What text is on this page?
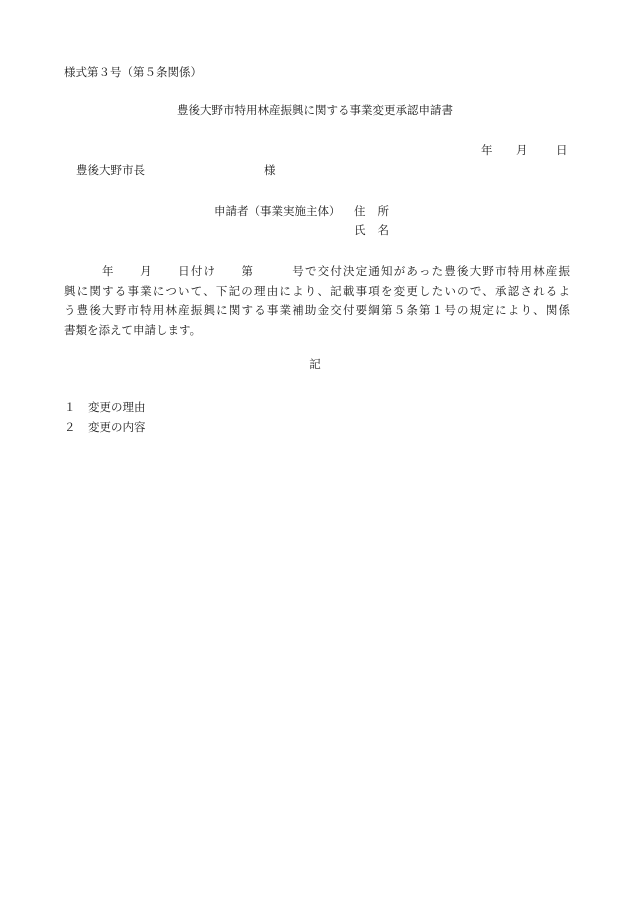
様式第３号（第５条関係）
豊後大野市特用林産振興に関する事業変更承認申請書
年 月 日
豊後大野市長	様
申請者（事業実施主体） 住所
氏名
　　　年　　月　　日付け　　第　　　号で交付決定通知があった豊後大野市特用林産振
興に関する事業について、下記の理由により、記載事項を変更したいので、承認されるよ
う豊後大野市特用林産振興に関する事業補助金交付要綱第５条第１号の規定により、関係
書類を添えて申請します。
記
１ 変更の理由
２ 変更の内容
